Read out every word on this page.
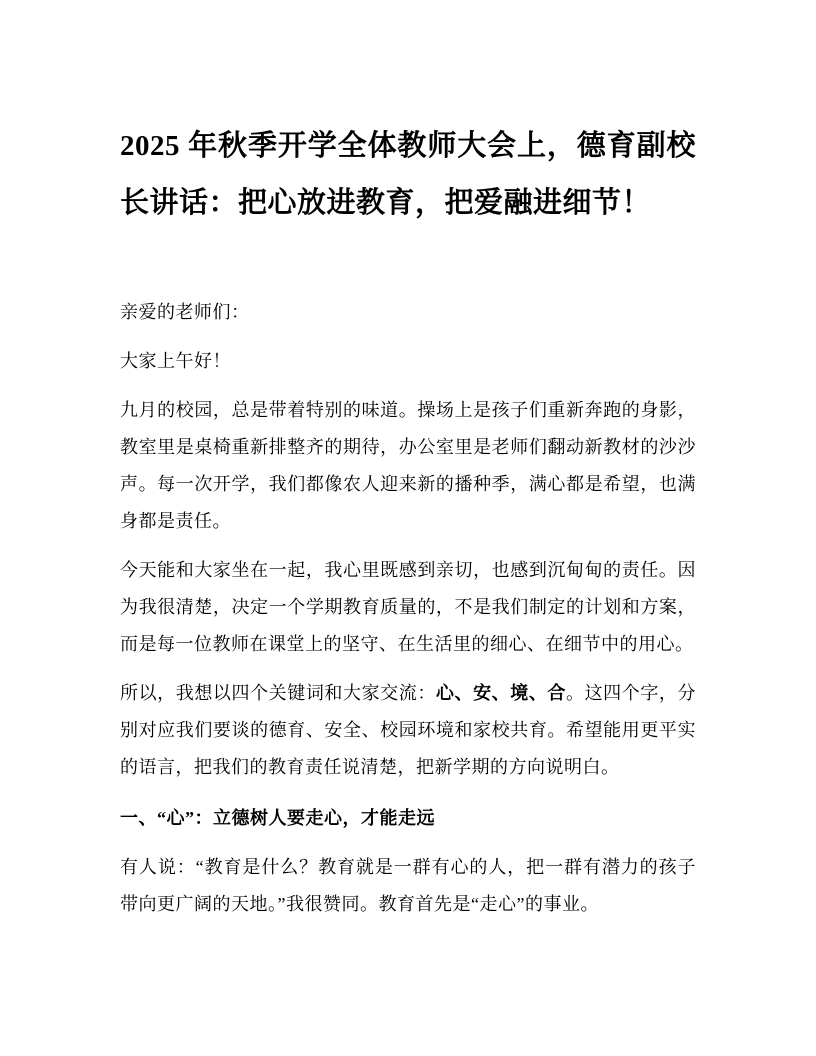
2025 年秋季开学全体教师大会上，德育副校长讲话：把心放进教育，把爱融进细节！

亲爱的老师们：

大家上午好！

九月的校园，总是带着特别的味道。操场上是孩子们重新奔跑的身影，教室里是桌椅重新排整齐的期待，办公室里是老师们翻动新教材的沙沙声。每一次开学，我们都像农人迎来新的播种季，满心都是希望，也满身都是责任。

今天能和大家坐在一起，我心里既感到亲切，也感到沉甸甸的责任。因为我很清楚，决定一个学期教育质量的，不是我们制定的计划和方案，而是每一位教师在课堂上的坚守、在生活里的细心、在细节中的用心。

所以，我想以四个关键词和大家交流：心、安、境、合。这四个字，分别对应我们要谈的德育、安全、校园环境和家校共育。希望能用更平实的语言，把我们的教育责任说清楚，把新学期的方向说明白。

一、“心”：立德树人要走心，才能走远

有人说：“教育是什么？教育就是一群有心的人，把一群有潜力的孩子带向更广阔的天地。”我很赞同。教育首先是“走心”的事业。
